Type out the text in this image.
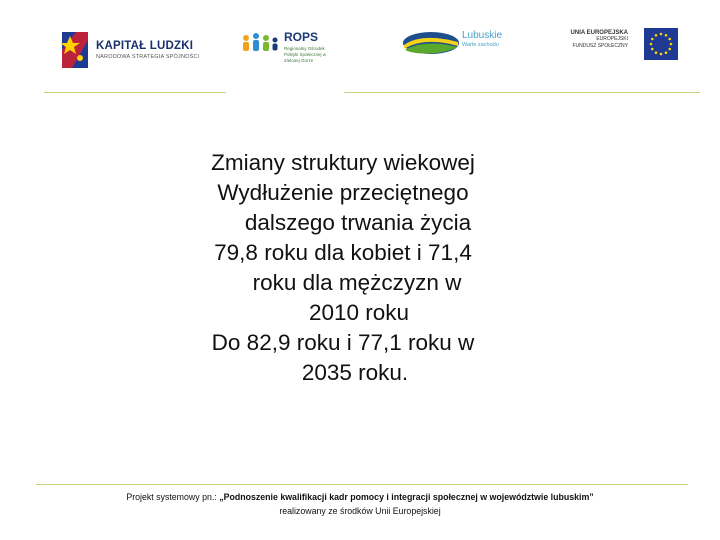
KAPITAŁ LUDZKI
NARODOWA STRATEGIA SPÓJNOŚCI
ROPS
Regionalny Ośrodek Polityki Społecznej w Zielonej Górze
Lubuskie
Warte zachodu
UNIA EUROPEJSKA
EUROPEJSKI
FUNDUSZ SPOŁECZNY
Zmiany struktury wiekowej
Wydłużenie przeciętnego
dalszego trwania życia
79,8 roku dla kobiet i 71,4
roku dla mężczyzn w
2010 roku
Do 82,9 roku i 77,1 roku w
2035 roku.
Projekt systemowy pn.: „Podnoszenie kwalifikacji kadr pomocy i integracji społecznej w województwie lubuskim”
realizowany ze środków Unii Europejskiej
